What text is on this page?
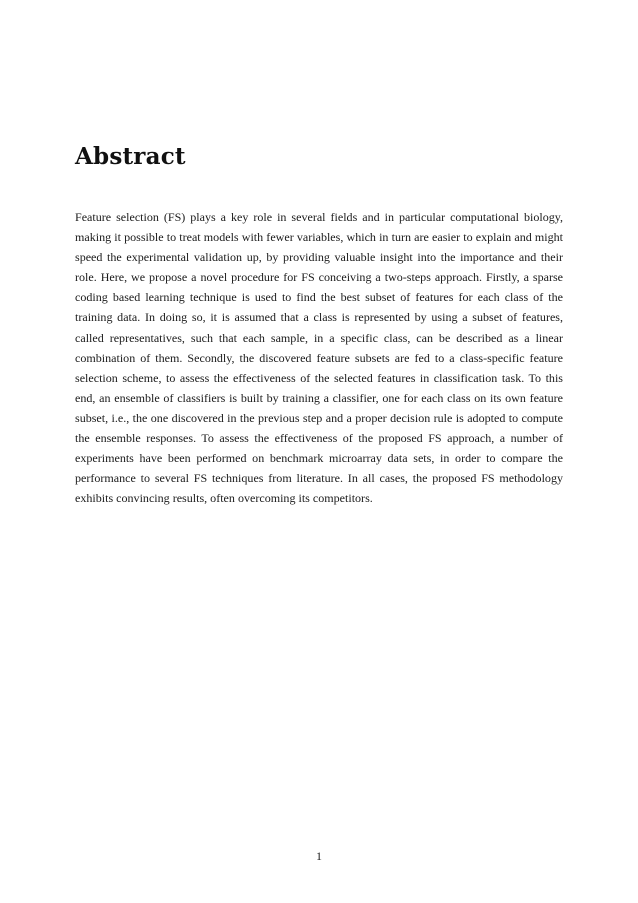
Abstract

Feature selection (FS) plays a key role in several fields and in particular computational biology, making it possible to treat models with fewer variables, which in turn are easier to explain and might speed the experimental validation up, by providing valuable insight into the importance and their role. Here, we propose a novel procedure for FS conceiving a two-steps approach. Firstly, a sparse coding based learning technique is used to find the best subset of features for each class of the training data. In doing so, it is assumed that a class is represented by using a subset of features, called representatives, such that each sample, in a specific class, can be described as a linear combination of them. Secondly, the discovered feature subsets are fed to a class-specific feature selection scheme, to assess the effectiveness of the selected features in classification task. To this end, an ensemble of classifiers is built by training a classifier, one for each class on its own feature subset, i.e., the one discovered in the previous step and a proper decision rule is adopted to compute the ensemble responses. To assess the effectiveness of the proposed FS approach, a number of experiments have been performed on benchmark microarray data sets, in order to compare the performance to several FS techniques from literature. In all cases, the proposed FS methodology exhibits convincing results, often overcoming its competitors.

1
